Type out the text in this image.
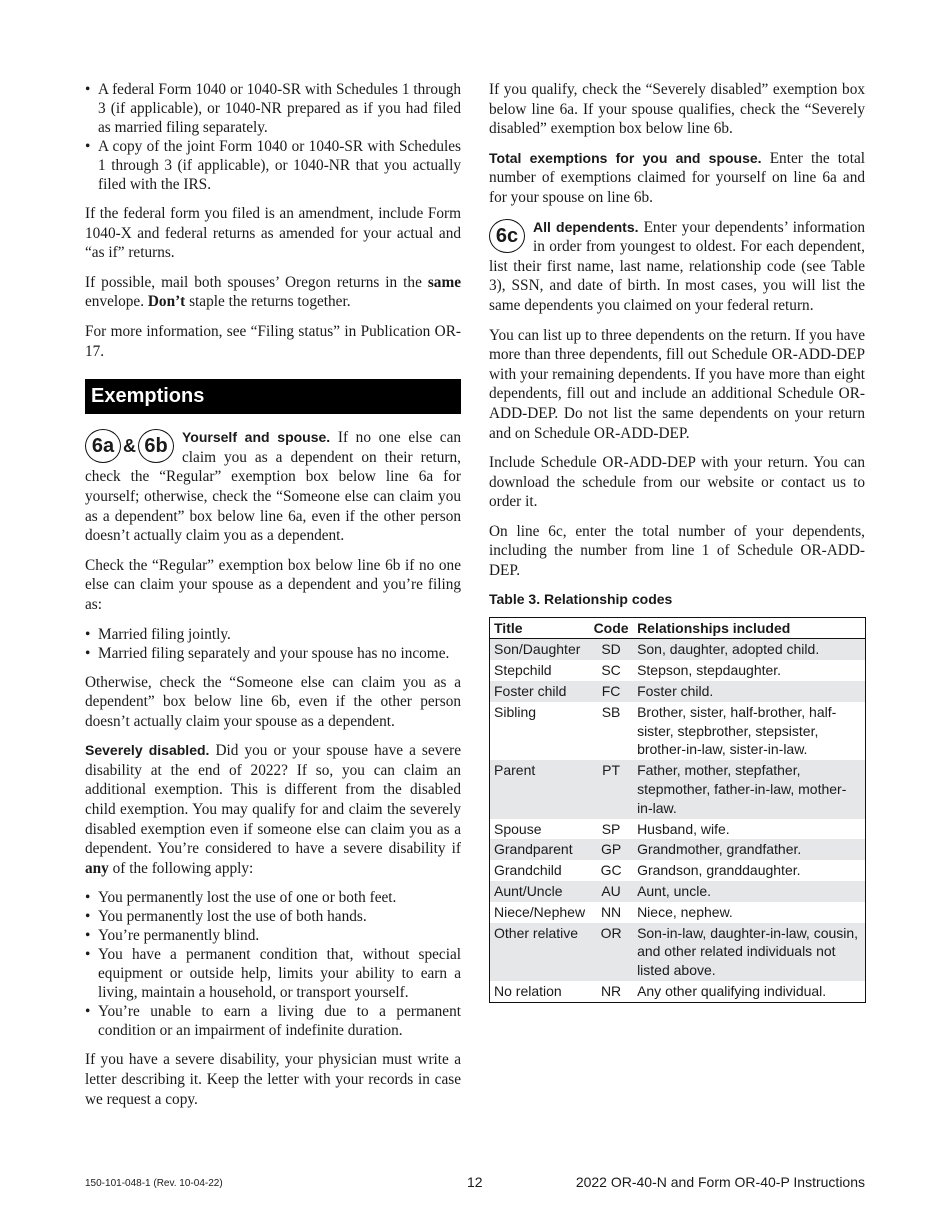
• A federal Form 1040 or 1040-SR with Schedules 1 through 3 (if applicable), or 1040-NR prepared as if you had filed as married filing separately.
• A copy of the joint Form 1040 or 1040-SR with Schedules 1 through 3 (if applicable), or 1040-NR that you actually filed with the IRS.

If the federal form you filed is an amendment, include Form 1040-X and federal returns as amended for your actual and “as if” returns.

If possible, mail both spouses’ Oregon returns in the same envelope. Don’t staple the returns together.

For more information, see “Filing status” in Publication OR-17.

Exemptions
6a & 6b	Yourself and spouse. If no one else can claim you as a dependent on their return, check the “Regular” exemption box below line 6a for yourself; otherwise, check the “Someone else can claim you as a dependent” box below line 6a, even if the other person doesn’t actually claim you as a dependent.

Check the “Regular” exemption box below line 6b if no one else can claim your spouse as a dependent and you’re filing as:

• Married filing jointly.
• Married filing separately and your spouse has no income.

Otherwise, check the “Someone else can claim you as a dependent” box below line 6b, even if the other person doesn’t actually claim your spouse as a dependent.

Severely disabled. Did you or your spouse have a severe disability at the end of 2022? If so, you can claim an additional exemption. This is different from the disabled child exemption. You may qualify for and claim the severely disabled exemption even if someone else can claim you as a dependent. You’re considered to have a severe disability if any of the following apply:

• You permanently lost the use of one or both feet.
• You permanently lost the use of both hands.
• You’re permanently blind.
• You have a permanent condition that, without special equipment or outside help, limits your ability to earn a living, maintain a household, or transport yourself.
• You’re unable to earn a living due to a permanent condition or an impairment of indefinite duration.

If you have a severe disability, your physician must write a letter describing it. Keep the letter with your records in case we request a copy.

If you qualify, check the “Severely disabled” exemption box below line 6a. If your spouse qualifies, check the “Severely disabled” exemption box below line 6b.

Total exemptions for you and spouse. Enter the total number of exemptions claimed for yourself on line 6a and for your spouse on line 6b.

6c	All dependents. Enter your dependents’ information in order from youngest to oldest. For each dependent, list their first name, last name, relationship code (see Table 3), SSN, and date of birth. In most cases, you will list the same dependents you claimed on your federal return.

You can list up to three dependents on the return. If you have more than three dependents, fill out Schedule OR-ADD-DEP with your remaining dependents. If you have more than eight dependents, fill out and include an additional Schedule OR-ADD-DEP. Do not list the same dependents on your return and on Schedule OR-ADD-DEP.

Include Schedule OR-ADD-DEP with your return. You can download the schedule from our website or contact us to order it.

On line 6c, enter the total number of your dependents, including the number from line 1 of Schedule OR-ADD-DEP.

Table 3. Relationship codes
Title	Code	Relationships included
Son/Daughter	SD	Son, daughter, adopted child.
Stepchild	SC	Stepson, stepdaughter.
Foster child	FC	Foster child.
Sibling	SB	Brother, sister, half-brother, half-sister, stepbrother, stepsister, brother-in-law, sister-in-law.
Parent	PT	Father, mother, stepfather, stepmother, father-in-law, mother-in-law.
Spouse	SP	Husband, wife.
Grandparent	GP	Grandmother, grandfather.
Grandchild	GC	Grandson, granddaughter.
Aunt/Uncle	AU	Aunt, uncle.
Niece/Nephew	NN	Niece, nephew.
Other relative	OR	Son-in-law, daughter-in-law, cousin, and other related individuals not listed above.
No relation	NR	Any other qualifying individual.
150-101-048-1 (Rev. 10-04-22)	12	2022 OR-40-N and Form OR-40-P Instructions
